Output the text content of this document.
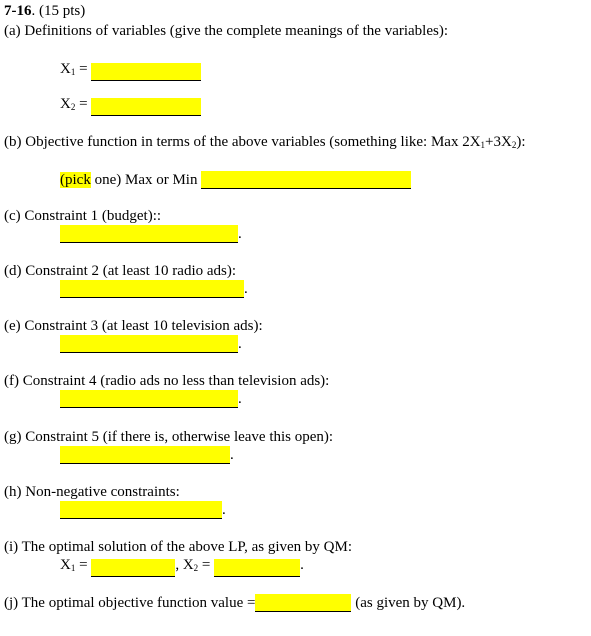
7-16. (15 pts)
(a) Definitions of variables (give the complete meanings of the variables):
$X_1$ =
$X_2$ =
(b) Objective function in terms of the above variables (something like: Max $2X_1+3X_2$):
(pick one) Max or Min
(c) Constraint 1 (budget)::
.
(d) Constraint 2 (at least 10 radio ads):
.
(e) Constraint 3 (at least 10 television ads):
.
(f) Constraint 4 (radio ads no less than television ads):
.
(g) Constraint 5 (if there is, otherwise leave this open):
.
(h) Non-negative constraints:
.
(i) The optimal solution of the above LP, as given by QM:
$X_1$ =	, $X_2$ =	.
(j) The optimal objective function value =	(as given by QM).
